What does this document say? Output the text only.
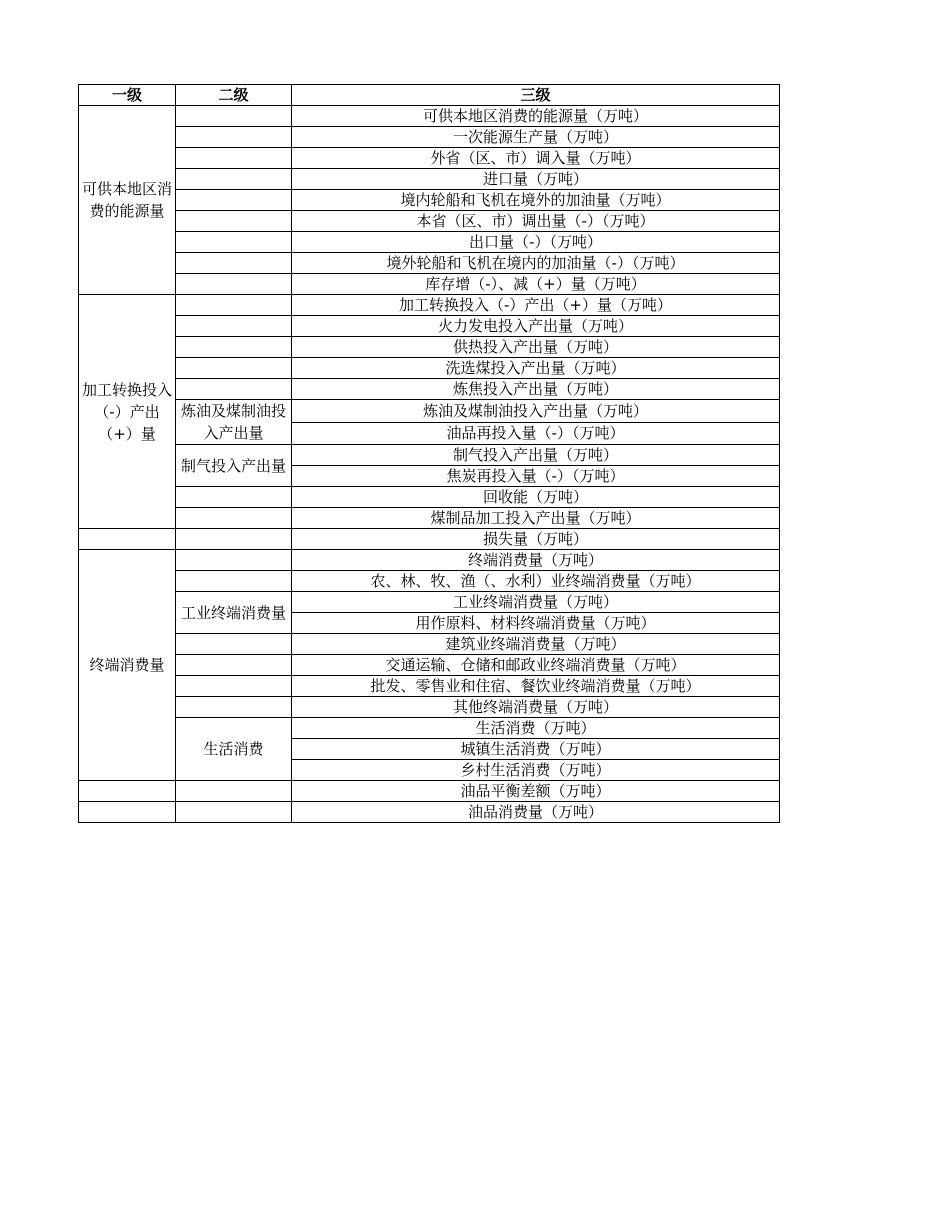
一级	二级	三级
可供本地区消费的能源量		可供本地区消费的能源量（万吨）
		一次能源生产量（万吨）
		外省（区、市）调入量（万吨）
		进口量（万吨）
		境内轮船和飞机在境外的加油量（万吨）
		本省（区、市）调出量（-）（万吨）
		出口量（-）（万吨）
		境外轮船和飞机在境内的加油量（-）（万吨）
		库存增（-）、减（+）量（万吨）
加工转换投入（-）产出（+）量		加工转换投入（-）产出（+）量（万吨）
		火力发电投入产出量（万吨）
		供热投入产出量（万吨）
		洗选煤投入产出量（万吨）
		炼焦投入产出量（万吨）
	炼油及煤制油投入产出量	炼油及煤制油投入产出量（万吨）
		油品再投入量（-）（万吨）
	制气投入产出量	制气投入产出量（万吨）
		焦炭再投入量（-）（万吨）
		回收能（万吨）
		煤制品加工投入产出量（万吨）
		损失量（万吨）
终端消费量		终端消费量（万吨）
		农、林、牧、渔（、水利）业终端消费量（万吨）
	工业终端消费量	工业终端消费量（万吨）
		用作原料、材料终端消费量（万吨）
		建筑业终端消费量（万吨）
		交通运输、仓储和邮政业终端消费量（万吨）
		批发、零售业和住宿、餐饮业终端消费量（万吨）
		其他终端消费量（万吨）
	生活消费	生活消费（万吨）
		城镇生活消费（万吨）
		乡村生活消费（万吨）
		油品平衡差额（万吨）
		油品消费量（万吨）
